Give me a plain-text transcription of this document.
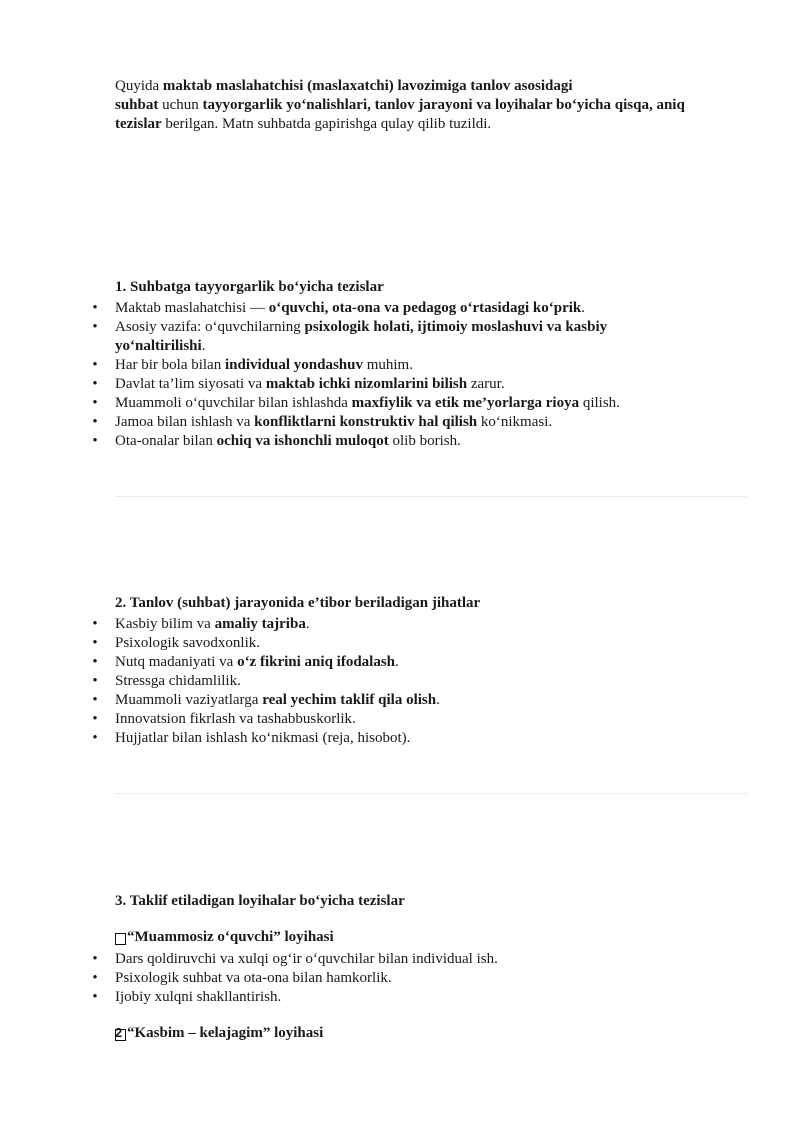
Quyida maktab maslahatchisi (maslaxatchi) lavozimiga tanlov asosidagi
suhbat uchun tayyorgarlik yo‘nalishlari, tanlov jarayoni va loyihalar bo‘yicha qisqa, aniq
tezislar berilgan. Matn suhbatda gapirishga qulay qilib tuzildi.

1. Suhbatga tayyorgarlik bo‘yicha tezislar

• Maktab maslahatchisi — o‘quvchi, ota-ona va pedagog o‘rtasidagi ko‘prik.
• Asosiy vazifa: o‘quvchilarning psixologik holati, ijtimoiy moslashuvi va kasbiy
yo‘naltirilishi.
• Har bir bola bilan individual yondashuv muhim.
• Davlat ta’lim siyosati va maktab ichki nizomlarini bilish zarur.
• Muammoli o‘quvchilar bilan ishlashda maxfiylik va etik me’yorlarga rioya qilish.
• Jamoa bilan ishlash va konfliktlarni konstruktiv hal qilish ko‘nikmasi.
• Ota-onalar bilan ochiq va ishonchli muloqot olib borish.

2. Tanlov (suhbat) jarayonida e’tibor beriladigan jihatlar

• Kasbiy bilim va amaliy tajriba.
• Psixologik savodxonlik.
• Nutq madaniyati va o‘z fikrini aniq ifodalash.
• Stressga chidamlilik.
• Muammoli vaziyatlarga real yechim taklif qila olish.
• Innovatsion fikrlash va tashabbuskorlik.
• Hujjatlar bilan ishlash ko‘nikmasi (reja, hisobot).

3. Taklif etiladigan loyihalar bo‘yicha tezislar

“Muammosiz o‘quvchi” loyihasi

• Dars qoldiruvchi va xulqi og‘ir o‘quvchilar bilan individual ish.
• Psixologik suhbat va ota-ona bilan hamkorlik.
• Ijobiy xulqni shakllantirish.

2 “Kasbim – kelajagim” loyihasi
